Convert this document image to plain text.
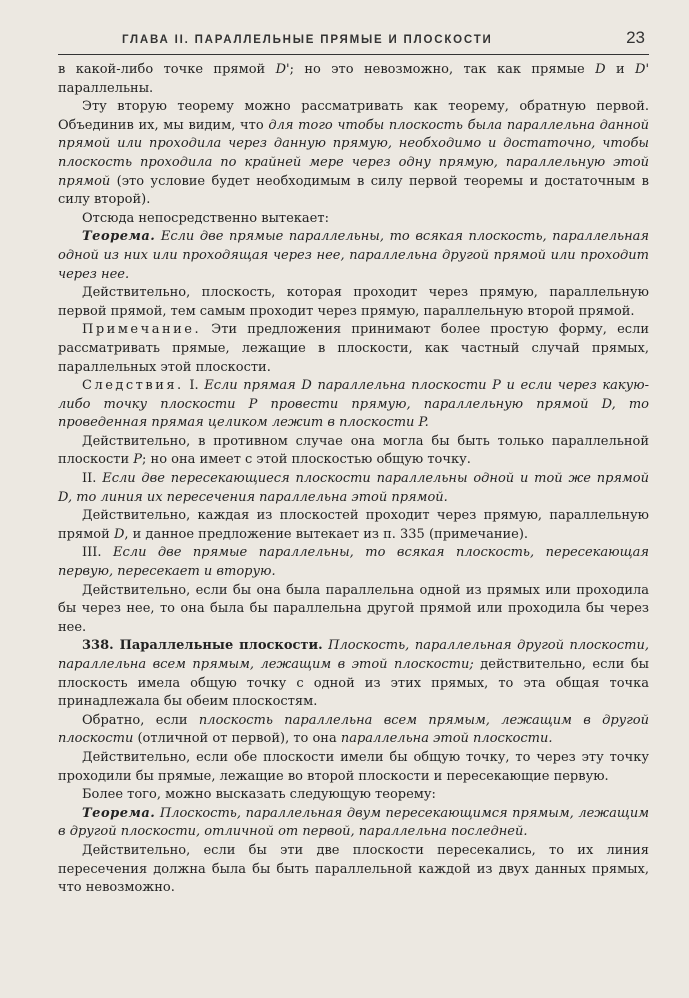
ГЛАВА II. ПАРАЛЛЕЛЬНЫЕ ПРЯМЫЕ И ПЛОСКОСТИ	23

в какой-либо точке прямой D'; но это невозможно, так как прямые D и D' параллельны.

Эту вторую теорему можно рассматривать как теорему, обратную первой. Объединив их, мы видим, что для того чтобы плоскость была параллельна данной прямой или проходила через данную прямую, необходимо и достаточно, чтобы плоскость проходила по крайней мере через одну прямую, параллельную этой прямой (это условие будет необходимым в силу первой теоремы и достаточным в силу второй).

Отсюда непосредственно вытекает:

Теорема. Если две прямые параллельны, то всякая плоскость, параллельная одной из них или проходящая через нее, параллельна другой прямой или проходит через нее.

Действительно, плоскость, которая проходит через прямую, параллельную первой прямой, тем самым проходит через прямую, параллельную второй прямой.

Примечание. Эти предложения принимают более простую форму, если рассматривать прямые, лежащие в плоскости, как частный случай прямых, параллельных этой плоскости.

Следствия. I. Если прямая D параллельна плоскости P и если через какую-либо точку плоскости P провести прямую, параллельную прямой D, то проведенная прямая целиком лежит в плоскости P.

Действительно, в противном случае она могла бы быть только параллельной плоскости P; но она имеет с этой плоскостью общую точку.

II. Если две пересекающиеся плоскости параллельны одной и той же прямой D, то линия их пересечения параллельна этой прямой.

Действительно, каждая из плоскостей проходит через прямую, параллельную прямой D, и данное предложение вытекает из п. 335 (примечание).

III. Если две прямые параллельны, то всякая плоскость, пересекающая первую, пересекает и вторую.

Действительно, если бы она была параллельна одной из прямых или проходила бы через нее, то она была бы параллельна другой прямой или проходила бы через нее.

338. Параллельные плоскости. Плоскость, параллельная другой плоскости, параллельна всем прямым, лежащим в этой плоскости; действительно, если бы плоскость имела общую точку с одной из этих прямых, то эта общая точка принадлежала бы обеим плоскостям.

Обратно, если плоскость параллельна всем прямым, лежащим в другой плоскости (отличной от первой), то она параллельна этой плоскости.

Действительно, если обе плоскости имели бы общую точку, то через эту точку проходили бы прямые, лежащие во второй плоскости и пересекающие первую.

Более того, можно высказать следующую теорему:

Теорема. Плоскость, параллельная двум пересекающимся прямым, лежащим в другой плоскости, отличной от первой, параллельна последней.

Действительно, если бы эти две плоскости пересекались, то их линия пересечения должна была бы быть параллельной каждой из двух данных прямых, что невозможно.
